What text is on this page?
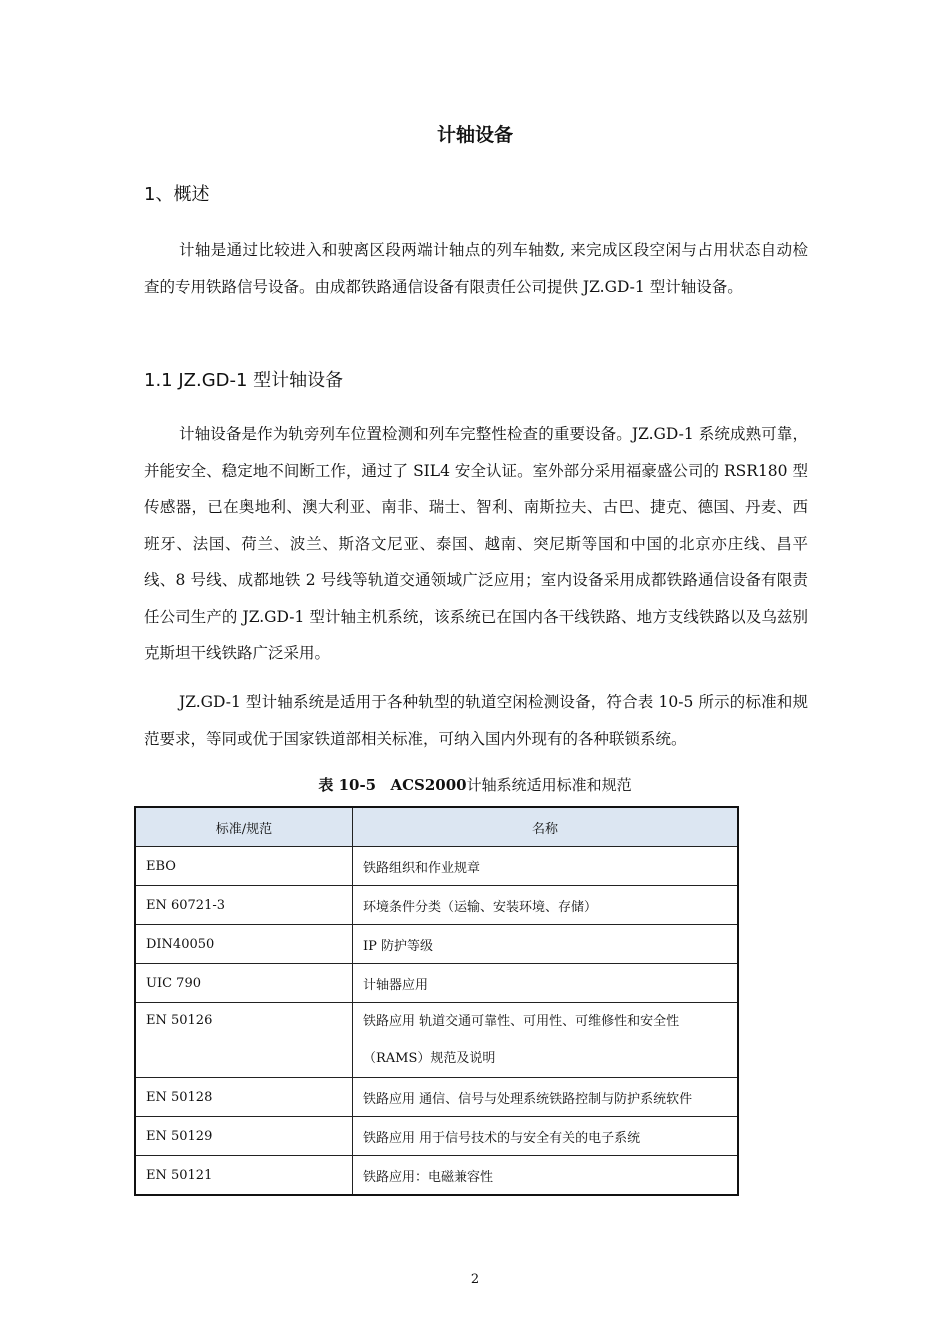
计轴设备
1、概述

计轴是通过比较进入和驶离区段两端计轴点的列车轴数, 来完成区段空闲与占用状态自动检查的专用铁路信号设备。由成都铁路通信设备有限责任公司提供 JZ.GD-1 型计轴设备。

1.1 JZ.GD-1 型计轴设备

计轴设备是作为轨旁列车位置检测和列车完整性检查的重要设备。JZ.GD-1 系统成熟可靠，并能安全、稳定地不间断工作，通过了 SIL4 安全认证。室外部分采用福豪盛公司的 RSR180 型传感器，已在奥地利、澳大利亚、南非、瑞士、智利、南斯拉夫、古巴、捷克、德国、丹麦、西班牙、法国、荷兰、波兰、斯洛文尼亚、泰国、越南、突尼斯等国和中国的北京亦庄线、昌平线、8 号线、成都地铁 2 号线等轨道交通领域广泛应用；室内设备采用成都铁路通信设备有限责任公司生产的 JZ.GD-1 型计轴主机系统，该系统已在国内各干线铁路、地方支线铁路以及乌兹别克斯坦干线铁路广泛采用。

JZ.GD-1 型计轴系统是适用于各种轨型的轨道空闲检测设备，符合表 10-5 所示的标准和规范要求，等同或优于国家铁道部相关标准，可纳入国内外现有的各种联锁系统。

表 10-5 ACS2000计轴系统适用标准和规范
标准/规范	名称
EBO	铁路组织和作业规章
EN 60721-3	环境条件分类（运输、安装环境、存储）
DIN40050	IP 防护等级
UIC 790	计轴器应用
EN 50126	铁路应用 轨道交通可靠性、可用性、可维修性和安全性
（RAMS）规范及说明

EN 50128	铁路应用 通信、信号与处理系统铁路控制与防护系统软件
EN 50129	铁路应用 用于信号技术的与安全有关的电子系统
EN 50121	铁路应用：电磁兼容性
2
